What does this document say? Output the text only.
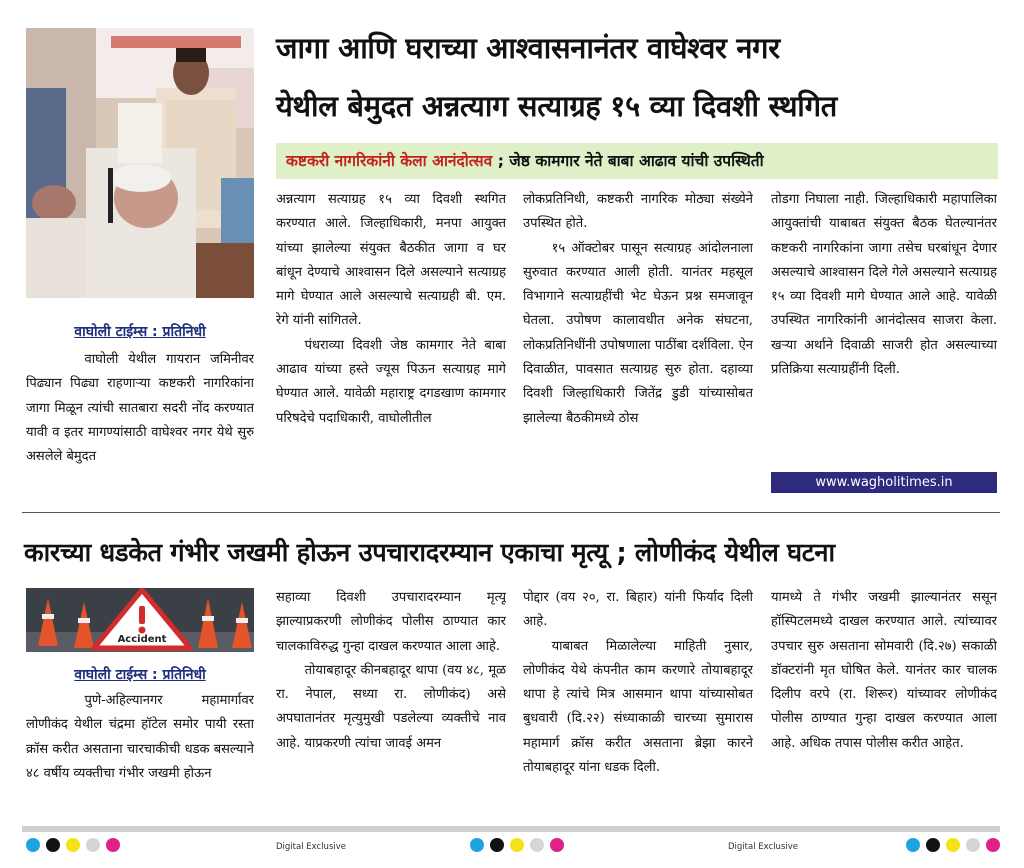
जागा आणि घराच्या आश्वासनानंतर वाघेश्वर नगर
येथील बेमुदत अन्नत्याग सत्याग्रह १५ व्या दिवशी स्थगित
कष्टकरी नागरिकांनी केला आनंदोत्सव ; जेष्ठ कामगार नेते बाबा आढाव यांची उपस्थिती
वाघोली टाईम्स : प्रतिनिधी

वाघोली येथील गायरान जमिनीवर पिढ्यान पिढ्या राहणाऱ्या कष्टकरी नागरिकांना जागा मिळून त्यांची सातबारा सदरी नोंद करण्यात यावी व इतर मागण्यांसाठी वाघेश्वर नगर येथे सुरु असलेले बेमुदत

अन्नत्याग सत्याग्रह १५ व्या दिवशी स्थगित करण्यात आले. जिल्हाधिकारी, मनपा आयुक्त यांच्या झालेल्या संयुक्त बैठकीत जागा व घर बांधून देण्याचे आश्वासन दिले असल्याने सत्याग्रह मागे घेण्यात आले असल्याचे सत्याग्रही बी. एम. रेगे यांनी सांगितले.

पंधराव्या दिवशी जेष्ठ कामगार नेते बाबा आढाव यांच्या हस्ते ज्यूस पिऊन सत्याग्रह मागे घेण्यात आले. यावेळी महाराष्ट्र दगडखाण कामगार परिषदेचे पदाधिकारी, वाघोलीतील

लोकप्रतिनिधी, कष्टकरी नागरिक मोठ्या संख्येने उपस्थित होते.

१५ ऑक्टोबर पासून सत्याग्रह आंदोलनाला सुरुवात करण्यात आली होती. यानंतर महसूल विभागाने सत्याग्रहींची भेट घेऊन प्रश्न समजावून घेतला. उपोषण कालावधीत अनेक संघटना, लोकप्रतिनिधींनी उपोषणाला पाठींबा दर्शविला. ऐन दिवाळीत, पावसात सत्याग्रह सुरु होता. दहाव्या दिवशी जिल्हाधिकारी जितेंद्र डुडी यांच्यासोबत झालेल्या बैठकीमध्ये ठोस

तोडगा निघाला नाही. जिल्हाधिकारी महापालिका आयुक्तांची याबाबत संयुक्त बैठक घेतल्यानंतर कष्टकरी नागरिकांना जागा तसेच घरबांधून देणार असल्याचे आश्वासन दिले गेले असल्याने सत्याग्रह १५ व्या दिवशी मागे घेण्यात आले आहे. यावेळी उपस्थित नागरिकांनी आनंदोत्सव साजरा केला. खऱ्या अर्थाने दिवाळी साजरी होत असल्याच्या प्रतिक्रिया सत्याग्रहींनी दिली.

www.wagholitimes.in
कारच्या धडकेत गंभीर जखमी होऊन उपचारादरम्यान एकाचा मृत्यू ; लोणीकंद येथील घटना
Accident
वाघोली टाईम्स : प्रतिनिधी

पुणे-अहिल्यानगर महामार्गावर लोणीकंद येथील चंद्रमा हॉटेल समोर पायी रस्ता क्रॉस करीत असताना चारचाकीची धडक बसल्याने ४८ वर्षीय व्यक्तीचा गंभीर जखमी होऊन

सहाव्या दिवशी उपचारादरम्यान मृत्यू झाल्याप्रकरणी लोणीकंद पोलीस ठाण्यात कार चालकाविरुद्ध गुन्हा दाखल करण्यात आला आहे.

तोयाबहादूर कीनबहादूर थापा (वय ४८, मूळ रा. नेपाल, सध्या रा. लोणीकंद) असे अपघातानंतर मृत्युमुखी पडलेल्या व्यक्तीचे नाव आहे. याप्रकरणी त्यांचा जावई अमन

पोद्दार (वय २०, रा. बिहार) यांनी फिर्याद दिली आहे.

याबाबत मिळालेल्या माहिती नुसार, लोणीकंद येथे कंपनीत काम करणारे तोयाबहादूर थापा हे त्यांचे मित्र आसमान थापा यांच्यासोबत बुधवारी (दि.२२) संध्याकाळी चारच्या सुमारास महामार्ग क्रॉस करीत असताना ब्रेझा कारने तोयाबहादूर यांना धडक दिली.

यामध्ये ते गंभीर जखमी झाल्यानंतर ससून हॉस्पिटलमध्ये दाखल करण्यात आले. त्यांच्यावर उपचार सुरु असताना सोमवारी (दि.२७) सकाळी डॉक्टरांनी मृत घोषित केले. यानंतर कार चालक दिलीप वरपे (रा. शिरूर) यांच्यावर लोणीकंद पोलीस ठाण्यात गुन्हा दाखल करण्यात आला आहे. अधिक तपास पोलीस करीत आहेत.

Digital Exclusive	Digital Exclusive
